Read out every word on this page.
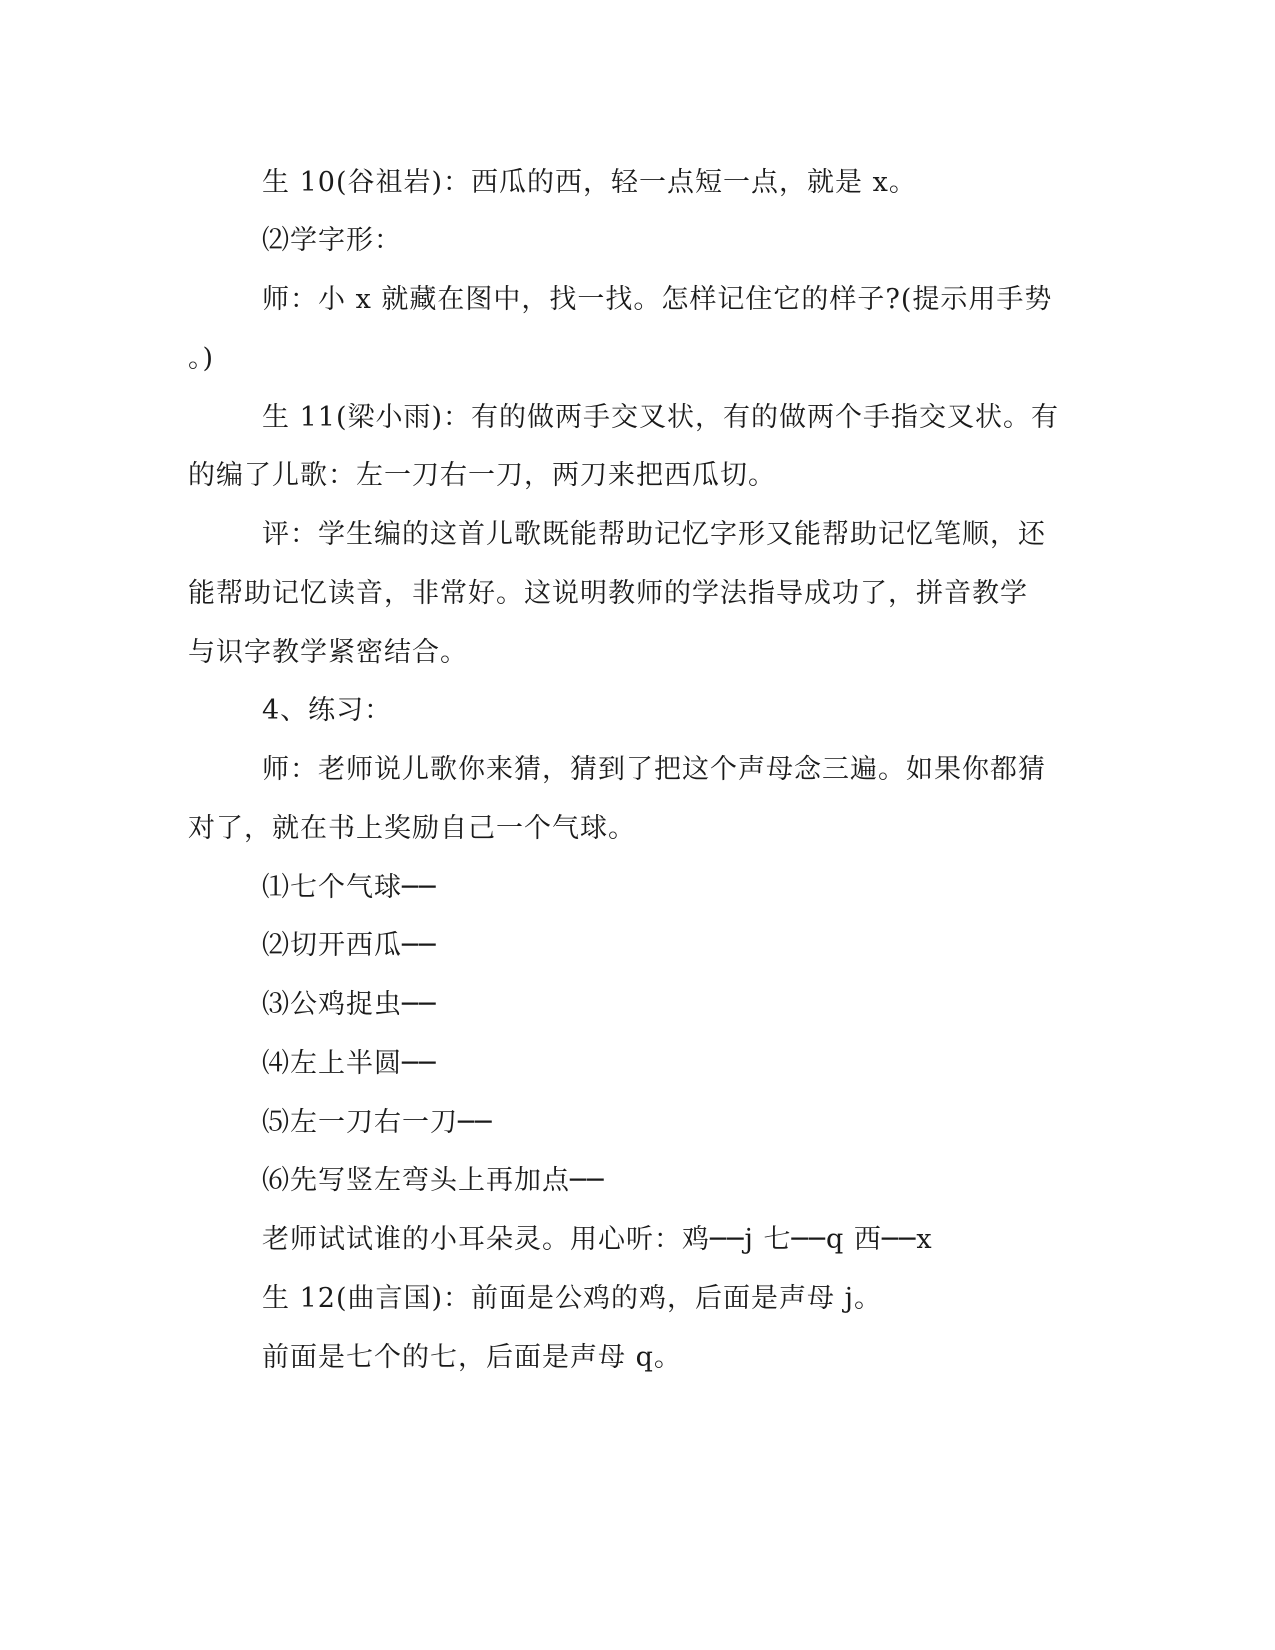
生 10(谷祖岩)：西瓜的西，轻一点短一点，就是 x。
⑵学字形：
师：小 x 就藏在图中，找一找。怎样记住它的样子?(提示用手势
。)
生 11(梁小雨)：有的做两手交叉状，有的做两个手指交叉状。有
的编了儿歌：左一刀右一刀，两刀来把西瓜切。
评：学生编的这首儿歌既能帮助记忆字形又能帮助记忆笔顺，还
能帮助记忆读音，非常好。这说明教师的学法指导成功了，拼音教学
与识字教学紧密结合。
4、练习：
师：老师说儿歌你来猜，猜到了把这个声母念三遍。如果你都猜
对了，就在书上奖励自己一个气球。
⑴七个气球──
⑵切开西瓜──
⑶公鸡捉虫──
⑷左上半圆──
⑸左一刀右一刀──
⑹先写竖左弯头上再加点──
老师试试谁的小耳朵灵。用心听：鸡──j 七──q 西──x
生 12(曲言国)：前面是公鸡的鸡，后面是声母 j。
前面是七个的七，后面是声母 q。
